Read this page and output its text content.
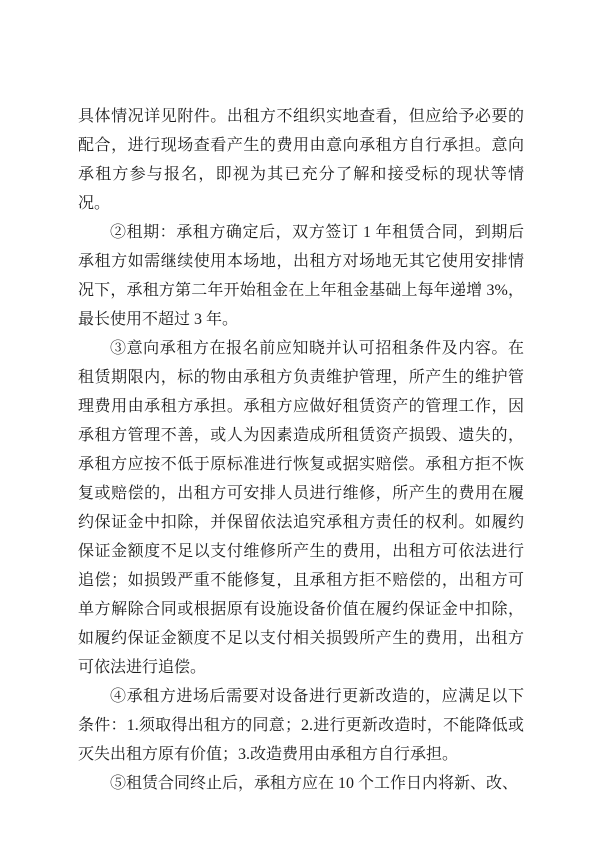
具体情况详见附件。出租方不组织实地查看，但应给予必要的配合，进行现场查看产生的费用由意向承租方自行承担。意向承租方参与报名，即视为其已充分了解和接受标的现状等情况。

②租期：承租方确定后，双方签订 1 年租赁合同，到期后承租方如需继续使用本场地，出租方对场地无其它使用安排情况下，承租方第二年开始租金在上年租金基础上每年递增 3%，最长使用不超过 3 年。

③意向承租方在报名前应知晓并认可招租条件及内容。在租赁期限内，标的物由承租方负责维护管理，所产生的维护管理费用由承租方承担。承租方应做好租赁资产的管理工作，因承租方管理不善，或人为因素造成所租赁资产损毁、遗失的，承租方应按不低于原标准进行恢复或据实赔偿。承租方拒不恢复或赔偿的，出租方可安排人员进行维修，所产生的费用在履约保证金中扣除，并保留依法追究承租方责任的权利。如履约保证金额度不足以支付维修所产生的费用，出租方可依法进行追偿；如损毁严重不能修复，且承租方拒不赔偿的，出租方可单方解除合同或根据原有设施设备价值在履约保证金中扣除，如履约保证金额度不足以支付相关损毁所产生的费用，出租方可依法进行追偿。

④承租方进场后需要对设备进行更新改造的，应满足以下条件：1.须取得出租方的同意；2.进行更新改造时，不能降低或灭失出租方原有价值；3.改造费用由承租方自行承担。

⑤租赁合同终止后，承租方应在 10 个工作日内将新、改、
